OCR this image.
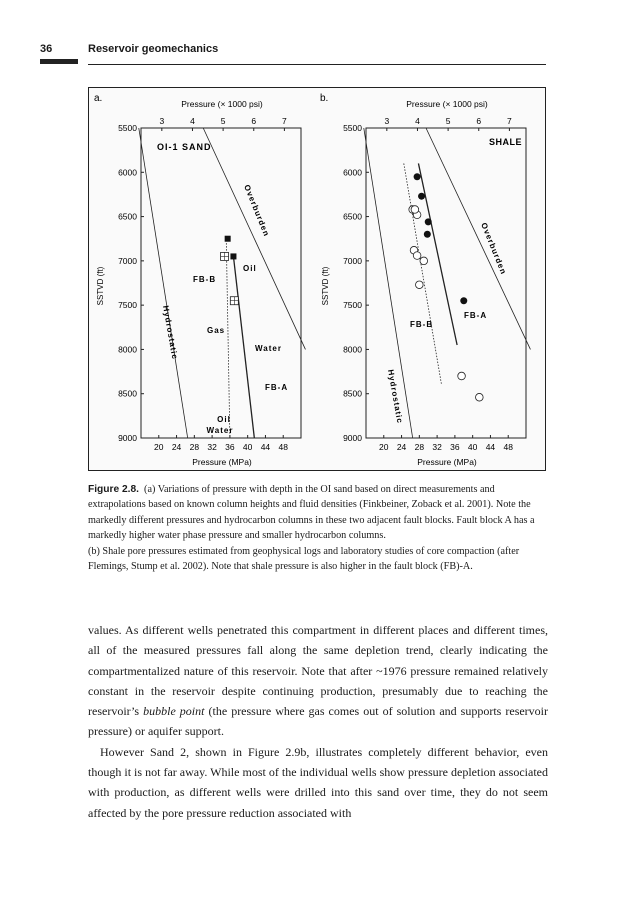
36	Reservoir geomechanics
a.	Pressure (× 1000 psi)
3	4	5	6	7
5500
6000
6500
7000
7500
8000
8500
9000
20 24 28 32 36 40 44 48
Pressure (MPa)
SSTVD (ft)
OI-1 SAND
Overburden
Hydrostatic
FB-B
Oil
Gas
Water
FB-A
Oil
Water
b.	Pressure (× 1000 psi)
3	4	5	6	7
5500
6000
6500
7000
7500
8000
8500
9000
20 24 28 32 36 40 44 48
Pressure (MPa)
SSTVD (ft)
SHALE
Overburden
Hydrostatic
FB-B
FB-A

Figure 2.8. (a) Variations of pressure with depth in the OI sand based on direct measurements and extrapolations based on known column heights and fluid densities (Finkbeiner, Zoback et al. 2001). Note the markedly different pressures and hydrocarbon columns in these two adjacent fault blocks. Fault block A has a markedly higher water phase pressure and smaller hydrocarbon columns.

(b) Shale pore pressures estimated from geophysical logs and laboratory studies of core compaction (after Flemings, Stump et al. 2002). Note that shale pressure is also higher in the fault block (FB)-A.

values. As different wells penetrated this compartment in different places and different times, all of the measured pressures fall along the same depletion trend, clearly indicating the compartmentalized nature of this reservoir. Note that after ~1976 pressure remained relatively constant in the reservoir despite continuing production, presumably due to reaching the reservoir’s bubble point (the pressure where gas comes out of solution and supports reservoir pressure) or aquifer support.

However Sand 2, shown in Figure 2.9b, illustrates completely different behavior, even though it is not far away. While most of the individual wells show pressure depletion associated with production, as different wells were drilled into this sand over time, they do not seem affected by the pore pressure reduction associated with
